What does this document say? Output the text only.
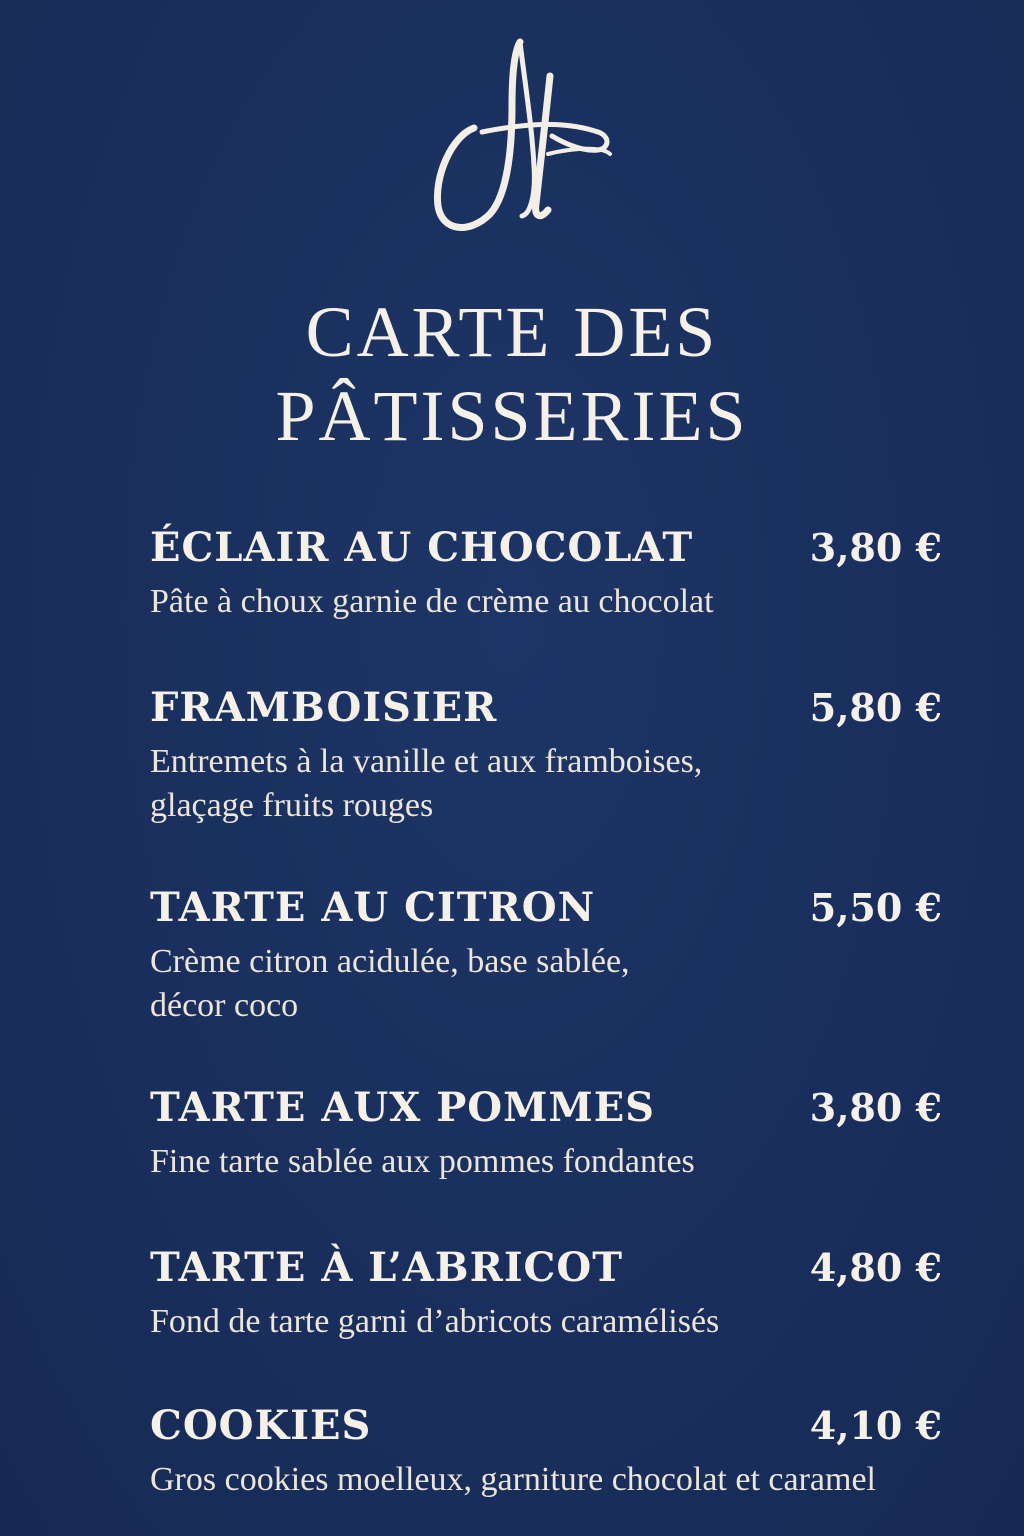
CARTE DES
PÂTISSERIES
ÉCLAIR AU CHOCOLAT	3,80 €
Pâte à choux garnie de crème au chocolat
FRAMBOISIER	5,80 €
Entremets à la vanille et aux framboises,
glaçage fruits rouges
TARTE AU CITRON	5,50 €
Crème citron acidulée, base sablée,
décor coco
TARTE AUX POMMES	3,80 €
Fine tarte sablée aux pommes fondantes
TARTE À L’ABRICOT	4,80 €
Fond de tarte garni d’abricots caramélisés
COOKIES	4,10 €
Gros cookies moelleux, garniture chocolat et caramel
